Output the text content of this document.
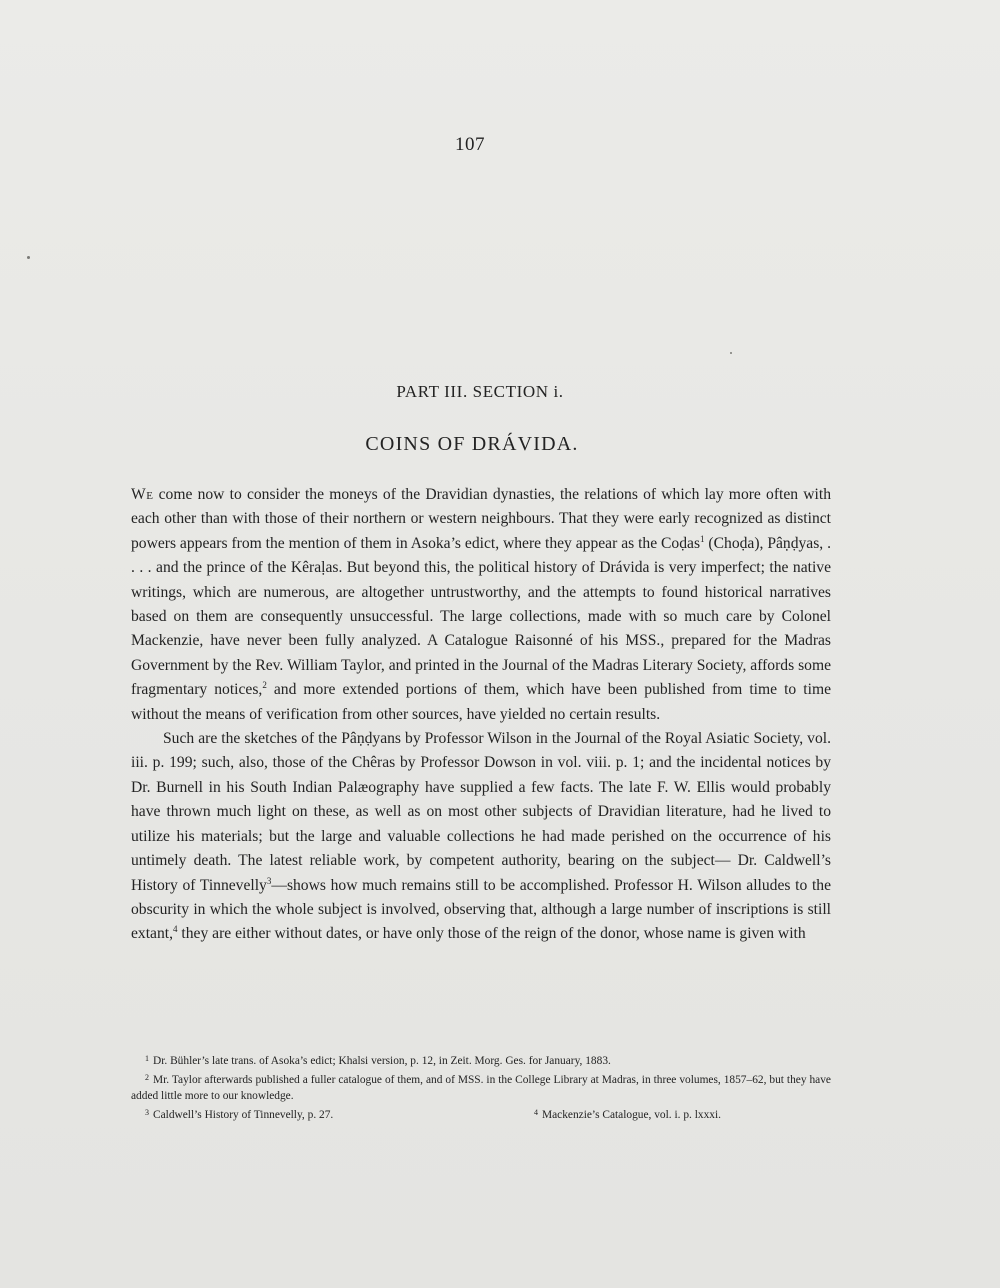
107
PART III. SECTION i.
COINS OF DRÁVIDA.

We come now to consider the moneys of the Dravidian dynasties, the relations of which lay more often with each other than with those of their northern or western neighbours. That they were early recognized as distinct powers appears from the mention of them in Asoka’s edict, where they appear as the Coḍas$^1$ (Choḍa), Pâṇḍyas, . . . . and the prince of the Kêraḷas. But beyond this, the political history of Drávida is very imperfect; the native writings, which are numerous, are altogether untrustworthy, and the attempts to found historical narratives based on them are consequently unsuccessful. The large collections, made with so much care by Colonel Mackenzie, have never been fully analyzed. A Catalogue Raisonné of his MSS., prepared for the Madras Government by the Rev. William Taylor, and printed in the Journal of the Madras Literary Society, affords some fragmentary notices,$^2$ and more extended portions of them, which have been published from time to time without the means of verification from other sources, have yielded no certain results.

Such are the sketches of the Pâṇḍyans by Professor Wilson in the Journal of the Royal Asiatic Society, vol. iii. p. 199; such, also, those of the Chêras by Professor Dowson in vol. viii. p. 1; and the incidental notices by Dr. Burnell in his South Indian Palæography have supplied a few facts. The late F. W. Ellis would probably have thrown much light on these, as well as on most other subjects of Dravidian literature, had he lived to utilize his materials; but the large and valuable collections he had made perished on the occurrence of his untimely death. The latest reliable work, by competent authority, bearing on the subject— Dr. Caldwell’s History of Tinnevelly$^3$—shows how much remains still to be accomplished. Professor H. Wilson alludes to the obscurity in which the whole subject is involved, observing that, although a large number of inscriptions is still extant,$^4$ they are either without dates, or have only those of the reign of the donor, whose name is given with

$^1$ Dr. Bühler’s late trans. of Asoka’s edict; Khalsi version, p. 12, in Zeit. Morg. Ges. for January, 1883.

$^2$ Mr. Taylor afterwards published a fuller catalogue of them, and of MSS. in the College Library at Madras, in three volumes, 1857–62, but they have added little more to our knowledge.

$^3$ Caldwell’s History of Tinnevelly, p. 27.	$^4$ Mackenzie’s Catalogue, vol. i. p. lxxxi.
